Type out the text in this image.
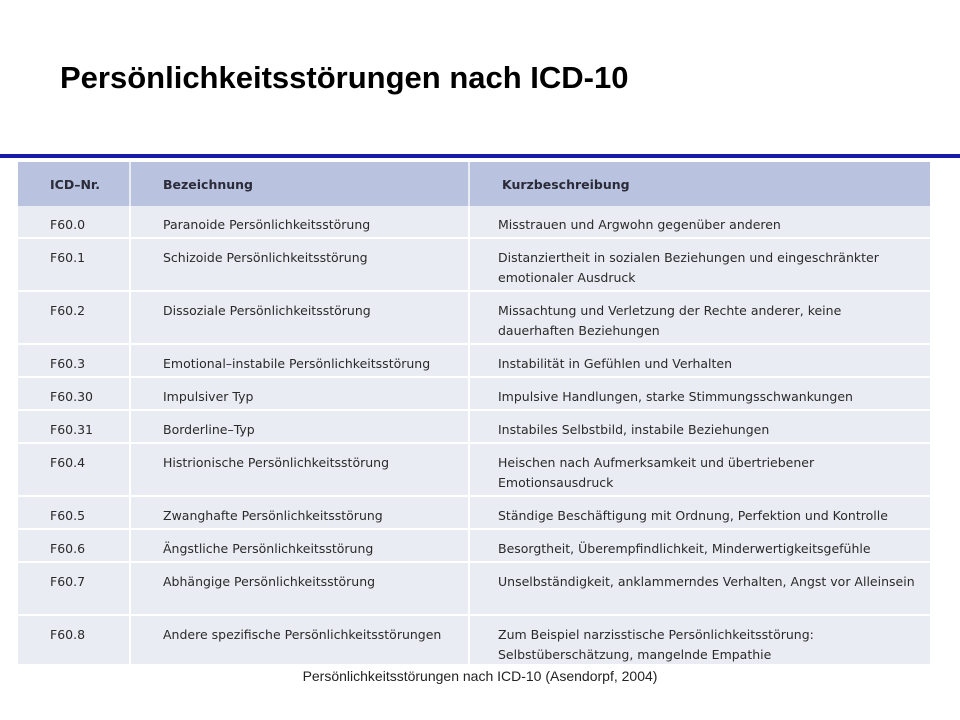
Persönlichkeitsstörungen nach ICD-10
ICD–Nr.	Bezeichnung	Kurzbeschreibung
F60.0	Paranoide Persönlichkeitsstörung	Misstrauen und Argwohn gegenüber anderen
F60.1	Schizoide Persönlichkeitsstörung	Distanziertheit in sozialen Beziehungen und eingeschränkter emotionaler Ausdruck
F60.2	Dissoziale Persönlichkeitsstörung	Missachtung und Verletzung der Rechte anderer, keine dauerhaften Beziehungen
F60.3	Emotional–instabile Persönlichkeitsstörung	Instabilität in Gefühlen und Verhalten
F60.30	Impulsiver Typ	Impulsive Handlungen, starke Stimmungsschwankungen
F60.31	Borderline–Typ	Instabiles Selbstbild, instabile Beziehungen
F60.4	Histrionische Persönlichkeitsstörung	Heischen nach Aufmerksamkeit und übertriebener Emotionsausdruck
F60.5	Zwanghafte Persönlichkeitsstörung	Ständige Beschäftigung mit Ordnung, Perfektion und Kontrolle
F60.6	Ängstliche Persönlichkeitsstörung	Besorgtheit, Überempfindlichkeit, Minderwertigkeitsgefühle
F60.7	Abhängige Persönlichkeitsstörung	Unselbständigkeit, anklammerndes Verhalten, Angst vor Alleinsein
F60.8	Andere spezifische Persönlichkeitsstörungen	Zum Beispiel narzisstische Persönlichkeitsstörung: Selbstüberschätzung, mangelnde Empathie
Persönlichkeitsstörungen nach ICD-10 (Asendorpf, 2004)
